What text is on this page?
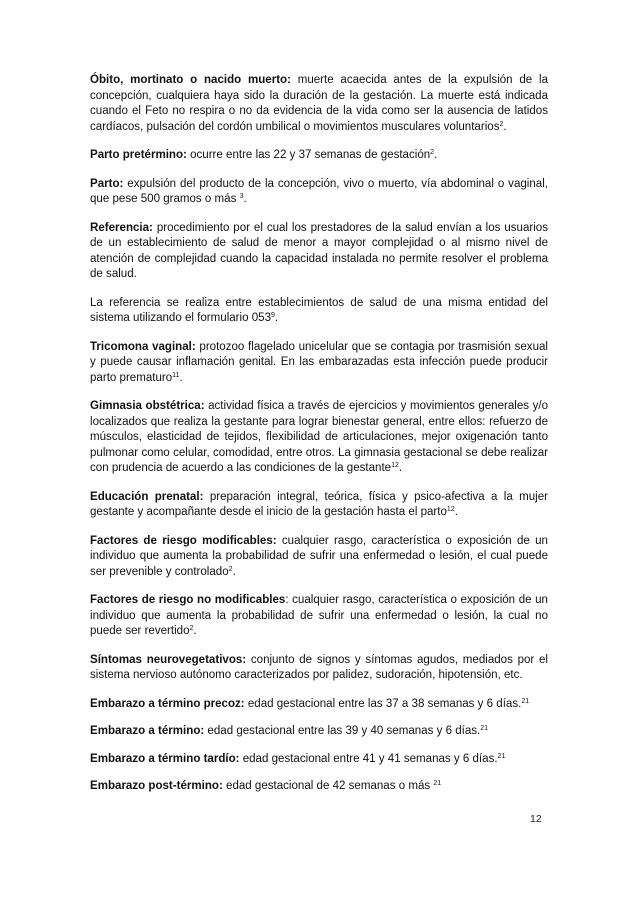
Óbito, mortinato o nacido muerto: muerte acaecida antes de la expulsión de la concepción, cualquiera haya sido la duración de la gestación. La muerte está indicada cuando el Feto no respira o no da evidencia de la vida como ser la ausencia de latidos cardíacos, pulsación del cordón umbilical o movimientos musculares voluntarios$^2$.

Parto pretérmino: ocurre entre las 22 y 37 semanas de gestación$^2$.

Parto: expulsión del producto de la concepción, vivo o muerto, vía abdominal o vaginal, que pese 500 gramos o más $^3$.

Referencia: procedimiento por el cual los prestadores de la salud envían a los usuarios de un establecimiento de salud de menor a mayor complejidad o al mismo nivel de atención de complejidad cuando la capacidad instalada no permite resolver el problema de salud.

La referencia se realiza entre establecimientos de salud de una misma entidad del sistema utilizando el formulario $053^9$.

Tricomona vaginal: protozoo flagelado unicelular que se contagia por trasmisión sexual y puede causar inflamación genital. En las embarazadas esta infección puede producir parto prematuro$^{11}$.

Gimnasia obstétrica: actividad física a través de ejercicios y movimientos generales y/o localizados que realiza la gestante para lograr bienestar general, entre ellos: refuerzo de músculos, elasticidad de tejidos, flexibilidad de articulaciones, mejor oxigenación tanto pulmonar como celular, comodidad, entre otros. La gimnasia gestacional se debe realizar con prudencia de acuerdo a las condiciones de la gestante$^{12}$.

Educación prenatal: preparación integral, teórica, física y psico-afectiva a la mujer gestante y acompañante desde el inicio de la gestación hasta el parto$^{12}$.

Factores de riesgo modificables: cualquier rasgo, característica o exposición de un individuo que aumenta la probabilidad de sufrir una enfermedad o lesión, el cual puede ser prevenible y controlado$^2$.

Factores de riesgo no modificables: cualquier rasgo, característica o exposición de un individuo que aumenta la probabilidad de sufrir una enfermedad o lesión, la cual no puede ser revertido$^2$.

Síntomas neurovegetativos: conjunto de signos y síntomas agudos, mediados por el sistema nervioso autónomo caracterizados por palidez, sudoración, hipotensión, etc.

Embarazo a término precoz: edad gestacional entre las 37 a 38 semanas y 6 días.$^{21}$

Embarazo a término: edad gestacional entre las 39 y 40 semanas y 6 días.$^{21}$

Embarazo a término tardío: edad gestacional entre 41 y 41 semanas y 6 días.$^{21}$

Embarazo post-término: edad gestacional de 42 semanas o más $^{21}$

12
